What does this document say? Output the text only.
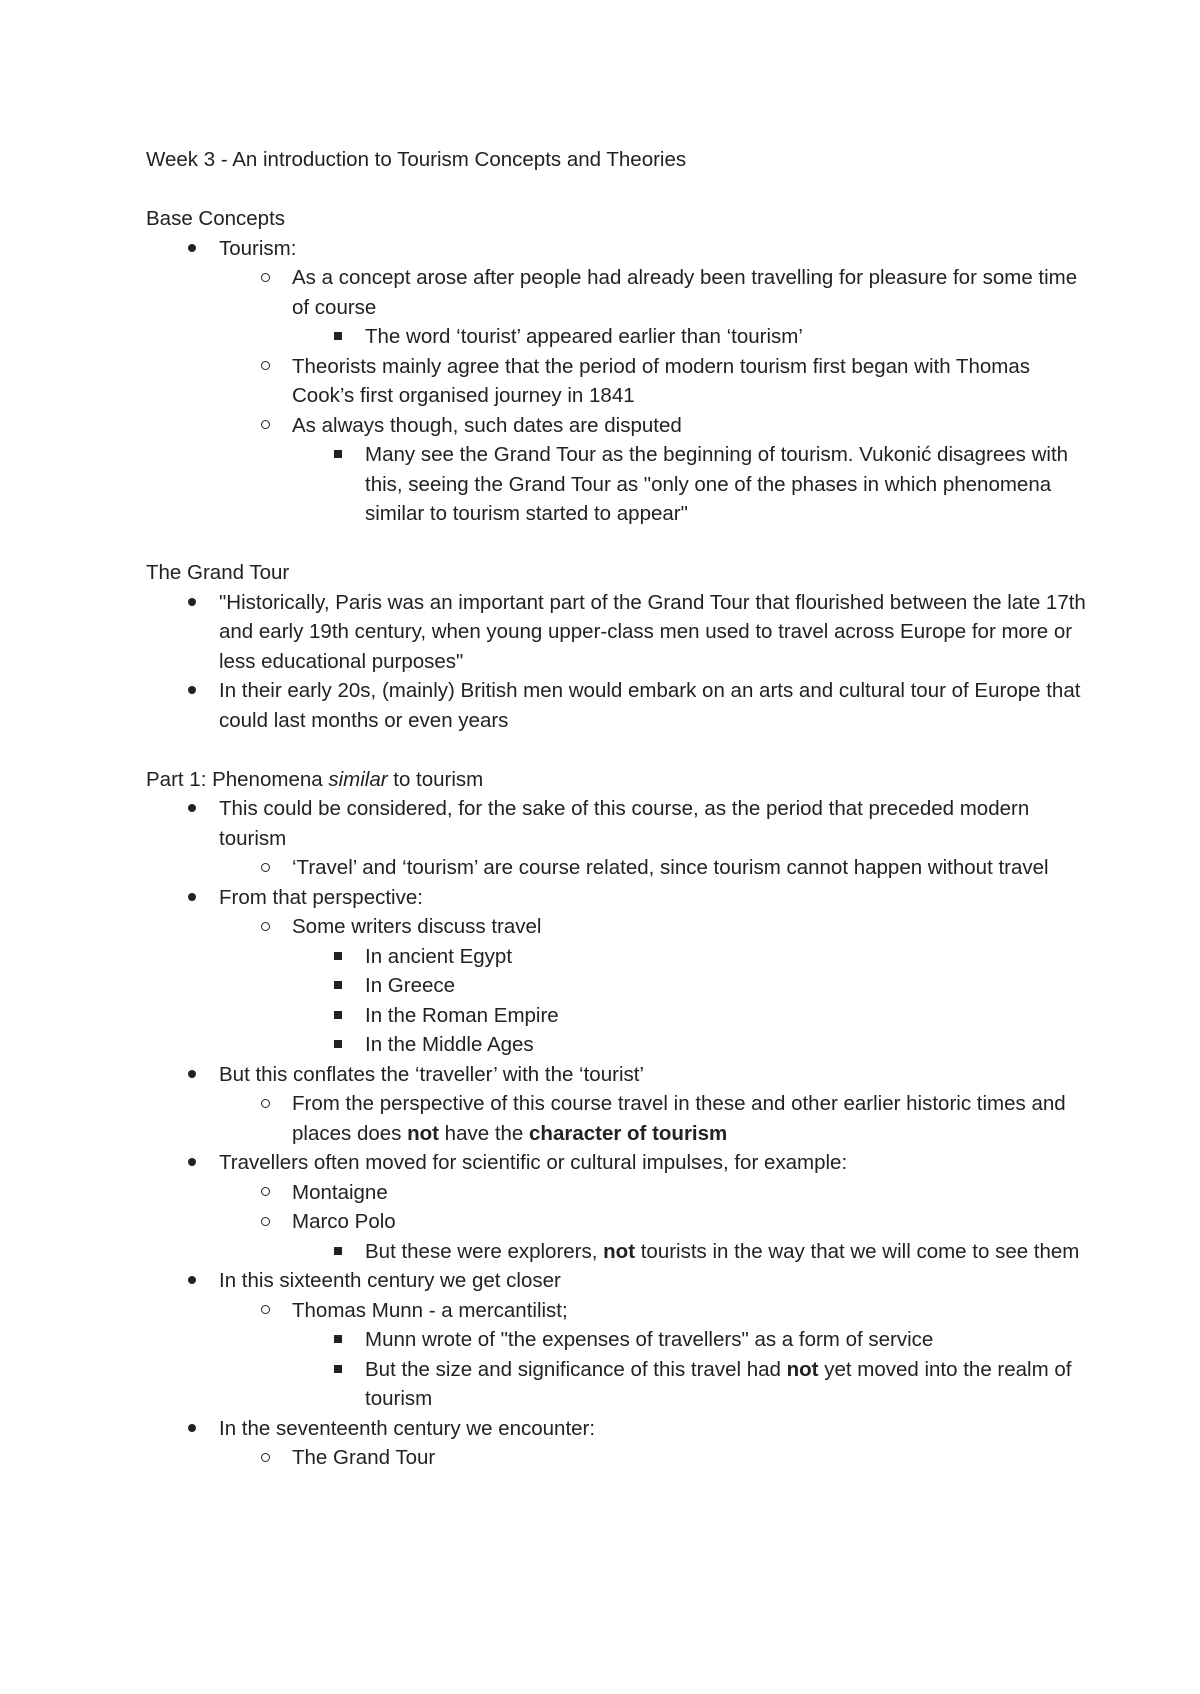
Week 3 - An introduction to Tourism Concepts and Theories
Base Concepts
Tourism:
As a concept arose after people had already been travelling for pleasure for some time of course
The word ‘tourist’ appeared earlier than ‘tourism’
Theorists mainly agree that the period of modern tourism first began with Thomas Cook’s first organised journey in 1841
As always though, such dates are disputed
Many see the Grand Tour as the beginning of tourism. Vukonić disagrees with this, seeing the Grand Tour as "only one of the phases in which phenomena similar to tourism started to appear"
The Grand Tour
"Historically, Paris was an important part of the Grand Tour that flourished between the late 17th and early 19th century, when young upper-class men used to travel across Europe for more or less educational purposes"
In their early 20s, (mainly) British men would embark on an arts and cultural tour of Europe that could last months or even years
Part 1: Phenomena similar to tourism
This could be considered, for the sake of this course, as the period that preceded modern tourism
‘Travel’ and ‘tourism’ are course related, since tourism cannot happen without travel
From that perspective:
Some writers discuss travel
In ancient Egypt
In Greece
In the Roman Empire
In the Middle Ages
But this conflates the ‘traveller’ with the ‘tourist’
From the perspective of this course travel in these and other earlier historic times and places does not have the character of tourism
Travellers often moved for scientific or cultural impulses, for example:
Montaigne
Marco Polo
But these were explorers, not tourists in the way that we will come to see them
In this sixteenth century we get closer
Thomas Munn - a mercantilist;
Munn wrote of "the expenses of travellers" as a form of service
But the size and significance of this travel had not yet moved into the realm of tourism
In the seventeenth century we encounter:
The Grand Tour
